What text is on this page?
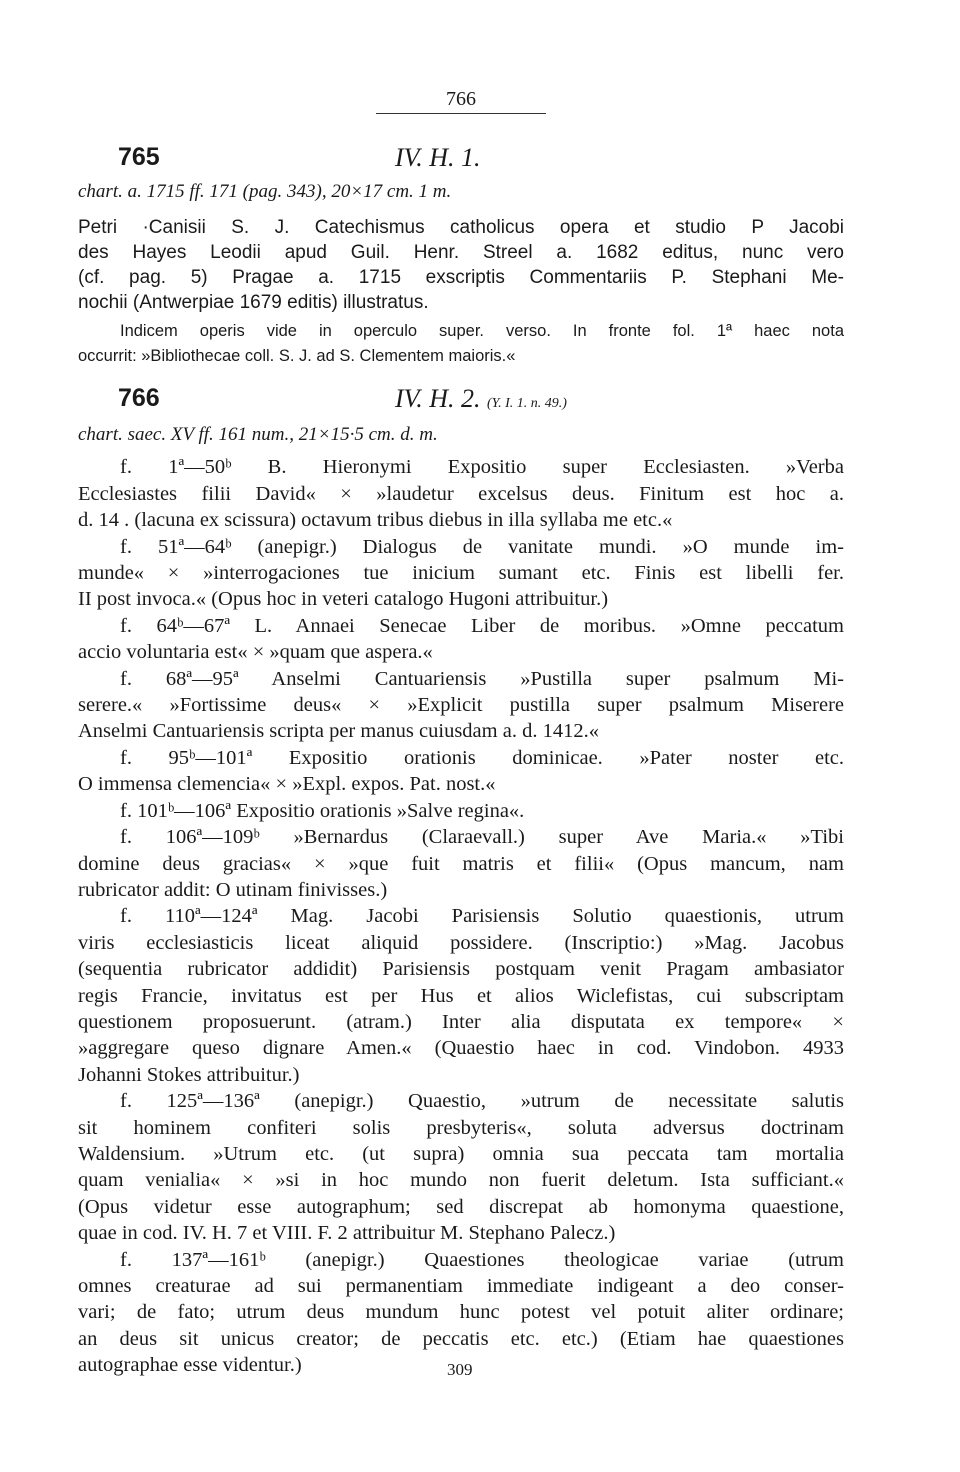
766
765	IV. H. 1.
chart. a. 1715 ff. 171 (pag. 343), 20×17 cm. 1 m.
Petri ·Canisii S. J. Catechismus catholicus opera et studio P Jacobi
des Hayes Leodii apud Guil. Henr. Streel a. 1682 editus, nunc vero
(cf. pag. 5) Pragae a. 1715 exscriptis Commentariis P. Stephani Me-
nochii (Antwerpiae 1679 editis) illustratus.
Indicem operis vide in operculo super. verso. In fronte fol. 1ª haec nota
occurrit: »Bibliothecae coll. S. J. ad S. Clementem maioris.«
766	IV. H. 2. (Y. I. 1. n. 49.)
chart. saec. XV ff. 161 num., 21×15·5 cm. d. m.
f. 1ª—50ᵇ B. Hieronymi Expositio super Ecclesiasten. »Verba
Ecclesiastes filii David« × »laudetur excelsus deus. Finitum est hoc a.
d. 14 . (lacuna ex scissura) octavum tribus diebus in illa syllaba me etc.«
f. 51ª—64ᵇ (anepigr.) Dialogus de vanitate mundi. »O munde im-
munde« × »interrogaciones tue inicium sumant etc. Finis est libelli fer.
II post invoca.« (Opus hoc in veteri catalogo Hugoni attribuitur.)
f. 64ᵇ—67ª L. Annaei Senecae Liber de moribus. »Omne peccatum
accio voluntaria est« × »quam que aspera.«
f. 68ª—95ª Anselmi Cantuariensis »Pustilla super psalmum Mi-
serere.« »Fortissime deus« × »Explicit pustilla super psalmum Miserere
Anselmi Cantuariensis scripta per manus cuiusdam a. d. 1412.«
f. 95ᵇ—101ª Expositio orationis dominicae. »Pater noster etc.
O immensa clemencia« × »Expl. expos. Pat. nost.«
f. 101ᵇ—106ª Expositio orationis »Salve regina«.
f. 106ª—109ᵇ »Bernardus (Claraevall.) super Ave Maria.« »Tibi
domine deus gracias« × »que fuit matris et filii« (Opus mancum, nam
rubricator addit: O utinam finivisses.)
f. 110ª—124ª Mag. Jacobi Parisiensis Solutio quaestionis, utrum
viris ecclesiasticis liceat aliquid possidere. (Inscriptio:) »Mag. Jacobus
(sequentia rubricator addidit) Parisiensis postquam venit Pragam ambasiator
regis Francie, invitatus est per Hus et alios Wiclefistas, cui subscriptam
questionem proposuerunt. (atram.) Inter alia disputata ex tempore« ×
»aggregare queso dignare Amen.« (Quaestio haec in cod. Vindobon. 4933
Johanni Stokes attribuitur.)
f. 125ª—136ª (anepigr.) Quaestio, »utrum de necessitate salutis
sit hominem confiteri solis presbyteris«, soluta adversus doctrinam
Waldensium. »Utrum etc. (ut supra) omnia sua peccata tam mortalia
quam venialia« × »si in hoc mundo non fuerit deletum. Ista sufficiant.«
(Opus videtur esse autographum; sed discrepat ab homonyma quaestione,
quae in cod. IV. H. 7 et VIII. F. 2 attribuitur M. Stephano Palecz.)
f. 137ª—161ᵇ (anepigr.) Quaestiones theologicae variae (utrum
omnes creaturae ad sui permanentiam immediate indigeant a deo conser-
vari; de fato; utrum deus mundum hunc potest vel potuit aliter ordinare;
an deus sit unicus creator; de peccatis etc. etc.) (Etiam hae quaestiones
autographae esse videntur.)	309
